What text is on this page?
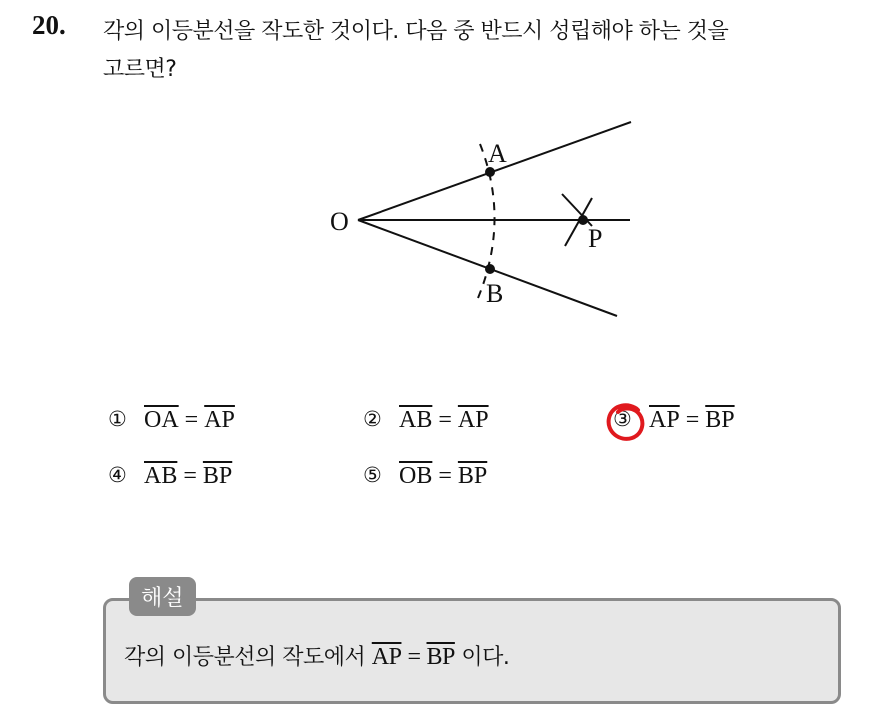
20. 각의 이등분선을 작도한 것이다. 다음 중 반드시 성립해야 하는 것을
고르면?
O
A
B
P
① $\overline{OA} = \overline{AP}$	② $\overline{AB} = \overline{AP}$	③ $\overline{AP} = \overline{BP}$
④ $\overline{AB} = \overline{BP}$	⑤ $\overline{OB} = \overline{BP}$
해설
각의 이등분선의 작도에서 $\overline{AP} = \overline{BP}$ 이다.
